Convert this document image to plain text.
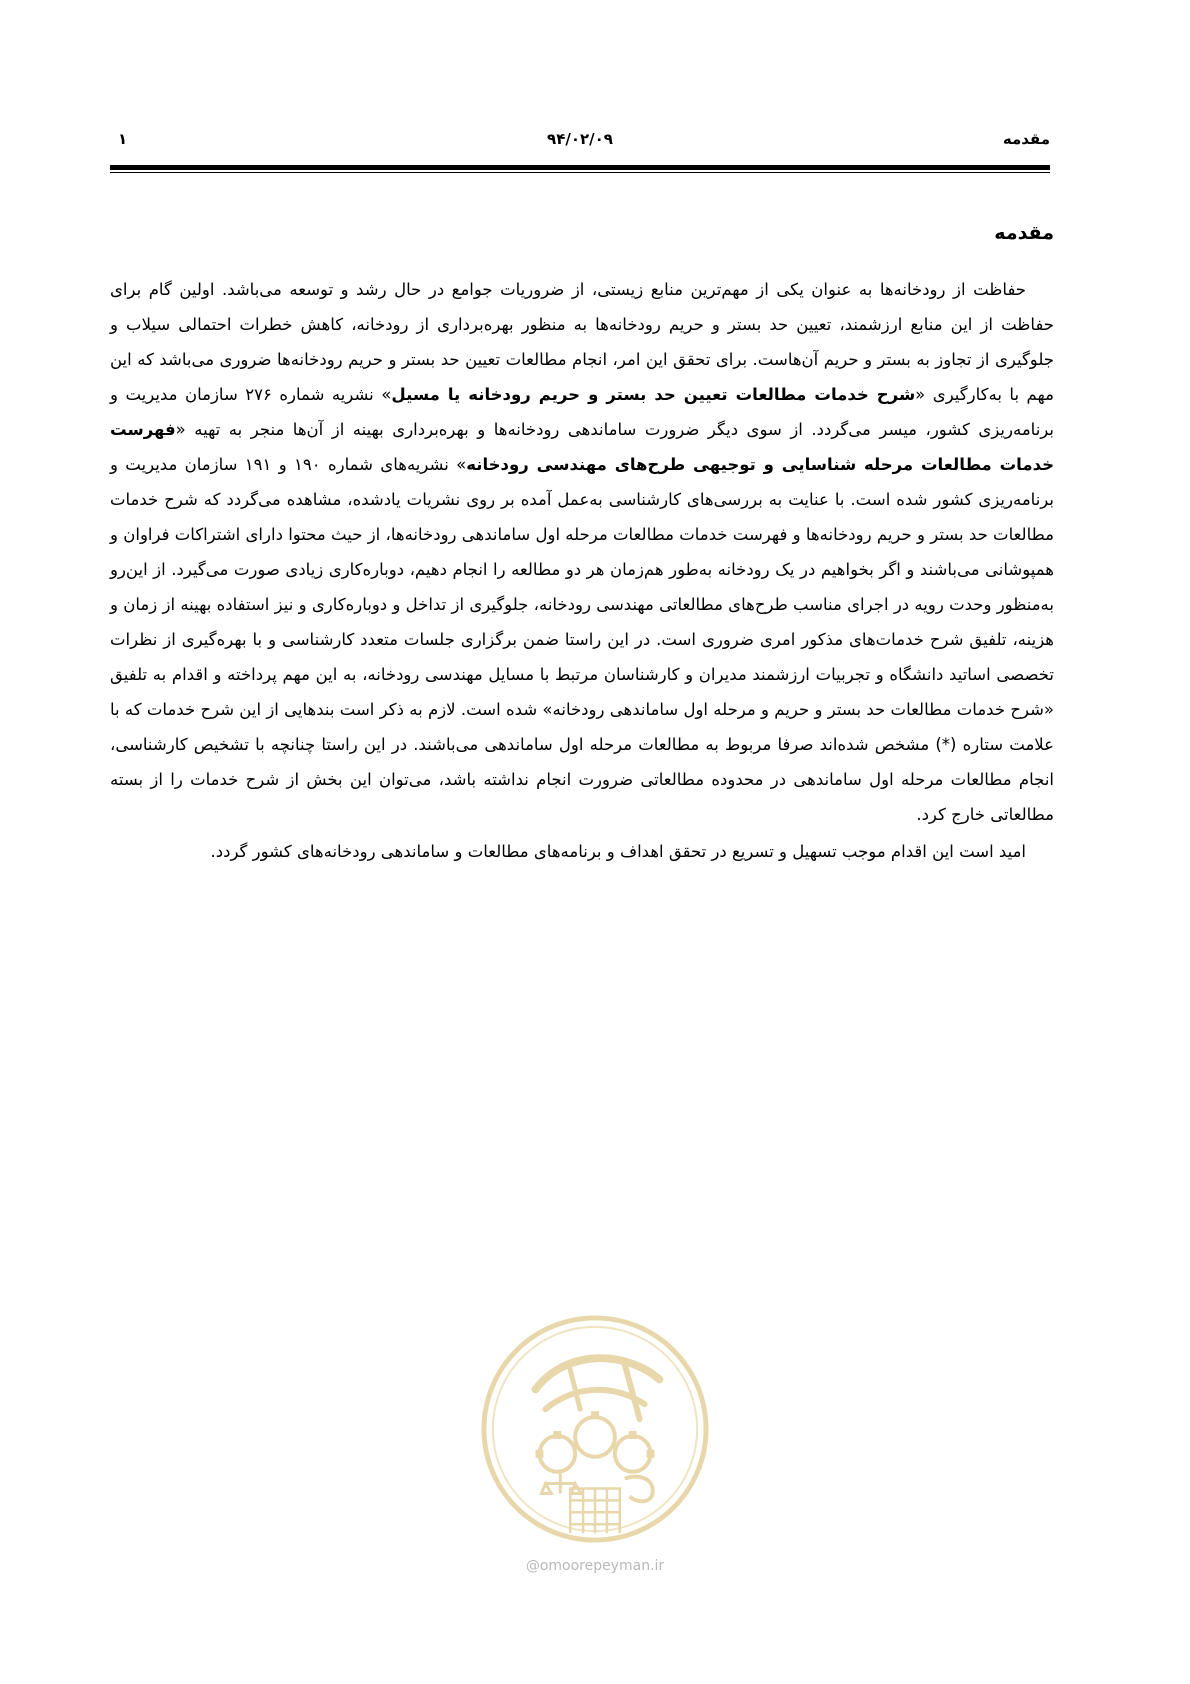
۱	۹۴/۰۲/۰۹	مقدمه
مقدمه

حفاظت از رودخانه‌ها به عنوان یکی از مهم‌ترین منابع زیستی، از ضروریات جوامع در حال رشد و توسعه می‌باشد. اولین گام برای حفاظت از این منابع ارزشمند، تعیین حد بستر و حریم رودخانه‌ها به منظور بهره‌برداری از رودخانه، کاهش خطرات احتمالی سیلاب و جلوگیری از تجاوز به بستر و حریم آن‌هاست. برای تحقق این امر، انجام مطالعات تعیین حد بستر و حریم رودخانه‌ها ضروری می‌باشد که این مهم با به‌کارگیری «شرح خدمات مطالعات تعیین حد بستر و حریم رودخانه یا مسیل» نشریه شماره ۲۷۶ سازمان مدیریت و برنامه‌ریزی کشور، میسر می‌گردد. از سوی دیگر ضرورت ساماندهی رودخانه‌ها و بهره‌برداری بهینه از آن‌ها منجر به تهیه «فهرست خدمات مطالعات مرحله شناسایی و توجیهی طرح‌های مهندسی رودخانه» نشریه‌های شماره ۱۹۰ و ۱۹۱ سازمان مدیریت و برنامه‌ریزی کشور شده است. با عنایت به بررسی‌های کارشناسی به‌عمل آمده بر روی نشریات یادشده، مشاهده می‌گردد که شرح خدمات مطالعات حد بستر و حریم رودخانه‌ها و فهرست خدمات مطالعات مرحله اول ساماندهی رودخانه‌ها، از حیث محتوا دارای اشتراکات فراوان و همپوشانی می‌باشند و اگر بخواهیم در یک رودخانه به‌طور هم‌زمان هر دو مطالعه را انجام دهیم، دوباره‌کاری زیادی صورت می‌گیرد. از این‌رو به‌منظور وحدت رویه در اجرای مناسب طرح‌های مطالعاتی مهندسی رودخانه، جلوگیری از تداخل و دوباره‌کاری و نیز استفاده بهینه از زمان و هزینه، تلفیق شرح خدمات‌های مذکور امری ضروری است. در این راستا ضمن برگزاری جلسات متعدد کارشناسی و با بهره‌گیری از نظرات تخصصی اساتید دانشگاه و تجربیات ارزشمند مدیران و کارشناسان مرتبط با مسایل مهندسی رودخانه، به این مهم پرداخته و اقدام به تلفیق «شرح خدمات مطالعات حد بستر و حریم و مرحله اول ساماندهی رودخانه» شده است. لازم به ذکر است بندهایی از این شرح خدمات که با علامت ستاره (*) مشخص شده‌اند صرفا مربوط به مطالعات مرحله اول ساماندهی می‌باشند. در این راستا چنانچه با تشخیص کارشناسی، انجام مطالعات مرحله اول ساماندهی در محدوده مطالعاتی ضرورت انجام نداشته باشد، می‌توان این بخش از شرح خدمات را از بسته مطالعاتی خارج کرد.

امید است این اقدام موجب تسهیل و تسریع در تحقق اهداف و برنامه‌های مطالعات و ساماندهی رودخانه‌های کشور گردد.

@omoorepeyman.ir
